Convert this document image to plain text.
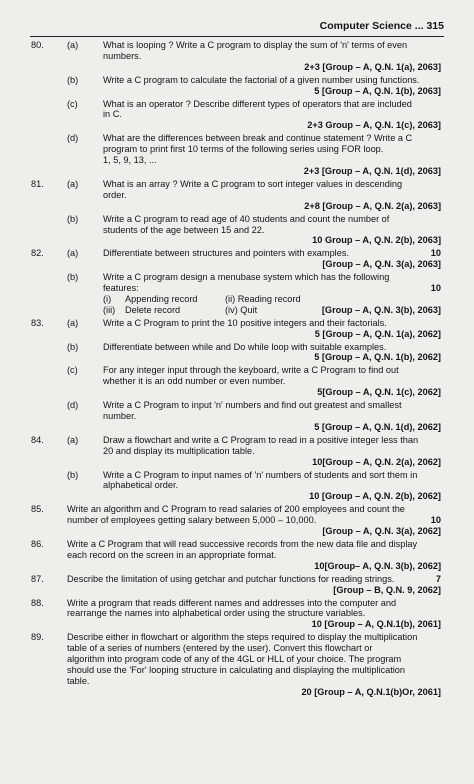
Computer Science ... 315
80.	(a)	What is looping ? Write a C program to display the sum of 'n' terms of even
numbers.
2+3 [Group – A, Q.N. 1(a), 2063]
(b)	Write a C program to calculate the factorial of a given number using functions.
5 [Group – A, Q.N. 1(b), 2063]
(c)	What is an operator ? Describe different types of operators that are included
in C.
2+3 Group – A, Q.N. 1(c), 2063]
(d)	What are the differences between break and continue statement ? Write a C
program to print first 10 terms of the following series using FOR loop.
1, 5, 9, 13, ...
2+3 [Group – A, Q.N. 1(d), 2063]
81.	(a)	What is an array ? Write a C program to sort integer values in descending
order.
2+8 [Group – A, Q.N. 2(a), 2063]
(b)	Write a C program to read age of 40 students and count the number of
students of the age between 15 and 22.
10 Group – A, Q.N. 2(b), 2063]
82.	(a)	Differentiate between structures and pointers with examples.	10
[Group – A, Q.N. 3(a), 2063]
(b)	Write a C program design a menubase system which has the following
features:	10
(i) Appending record	(ii) Reading record
(iii) Delete record	(iv) Quit	[Group – A, Q.N. 3(b), 2063]
83.	(a)	Write a C Program to print the 10 positive integers and their factorials.
5 [Group – A, Q.N. 1(a), 2062]
(b)	Differentiate between while and Do while loop with suitable examples.
5 [Group – A, Q.N. 1(b), 2062]
(c)	For any integer input through the keyboard, write a C Program to find out
whether it is an odd number or even number.
5[Group – A, Q.N. 1(c), 2062]
(d)	Write a C Program to input 'n' numbers and find out greatest and smallest
number.
5 [Group – A, Q.N. 1(d), 2062]
84.	(a)	Draw a flowchart and write a C Program to read in a positive integer less than
20 and display its multiplication table.
10[Group – A, Q.N. 2(a), 2062]
(b)	Write a C Program to input names of 'n' numbers of students and sort them in
alphabetical order.
10 [Group – A, Q.N. 2(b), 2062]
85.	Write an algorithm and C Program to read salaries of 200 employees and count the
number of employees getting salary between 5,000 – 10,000.	10
[Group – A, Q.N. 3(a), 2062]
86.	Write a C Program that will read successive records from the new data file and display
each record on the screen in an appropriate format.
10[Group– A, Q.N. 3(b), 2062]
87.	Describe the limitation of using getchar and putchar functions for reading strings.	7
[Group – B, Q.N. 9, 2062]
88.	Write a program that reads different names and addresses into the computer and
rearrange the names into alphabetical order using the structure variables.
10 [Group – A, Q.N.1(b), 2061]
89.	Describe either in flowchart or algorithm the steps required to display the multiplication
table of a series of numbers (entered by the user). Convert this flowchart or
algorithm into program code of any of the 4GL or HLL of your choice. The program
should use the 'For' looping structure in calculating and displaying the multiplication
table.
20 [Group – A, Q.N.1(b)Or, 2061]
